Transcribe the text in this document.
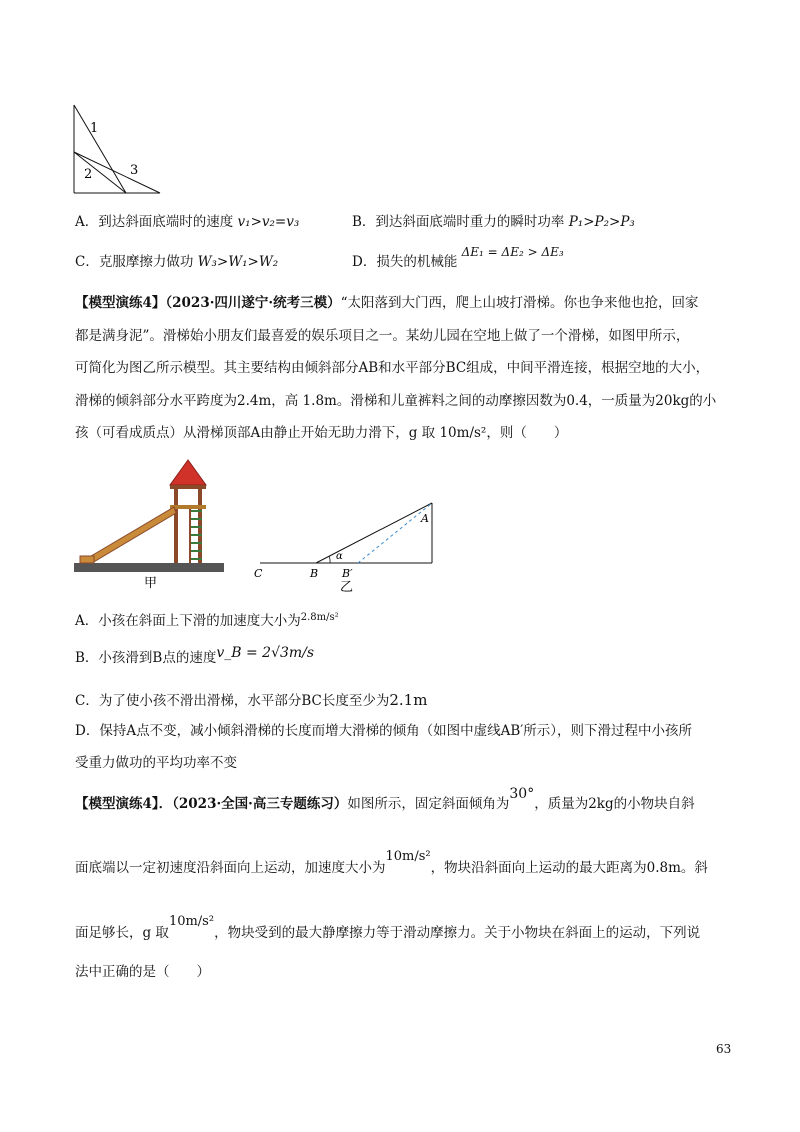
1
2	3
A．到达斜面底端时的速度 v₁>v₂=v₃	B．到达斜面底端时重力的瞬时功率 P₁>P₂>P₃
C．克服摩擦力做功 W₃>W₁>W₂	D．损失的机械能 ΔE₁ = ΔE₂ > ΔE₃
【模型演练4】（2023·四川遂宁·统考三模）“太阳落到大门西，爬上山坡打滑梯。你也争来他也抢，回家
都是满身泥”。滑梯始小朋友们最喜爱的娱乐项目之一。某幼儿园在空地上做了一个滑梯，如图甲所示，
可简化为图乙所示模型。其主要结构由倾斜部分AB和水平部分BC组成，中间平滑连接，根据空地的大小，
滑梯的倾斜部分水平跨度为2.4m，高 1.8m。滑梯和儿童裤料之间的动摩擦因数为0.4，一质量为20kg的小
孩（可看成质点）从滑梯顶部A由静止开始无助力滑下，g 取 10m/s²，则（　　）
甲
α
A
C	B B′
乙
A．小孩在斜面上下滑的加速度大小为$^{2.8m/s^2}$
B．小孩滑到B点的速度v_B = 2√3m/s
C．为了使小孩不滑出滑梯，水平部分BC长度至少为2.1m
D．保持A点不变，减小倾斜滑梯的长度而增大滑梯的倾角（如图中虚线AB′所示），则下滑过程中小孩所
受重力做功的平均功率不变
【模型演练4】．（2023·全国·高三专题练习）如图所示，固定斜面倾角为30°，质量为2kg的小物块自斜
面底端以一定初速度沿斜面向上运动，加速度大小为10m/s²，物块沿斜面向上运动的最大距离为0.8m。斜
面足够长，g 取10m/s²，物块受到的最大静摩擦力等于滑动摩擦力。关于小物块在斜面上的运动，下列说
法中正确的是（　　）
63
